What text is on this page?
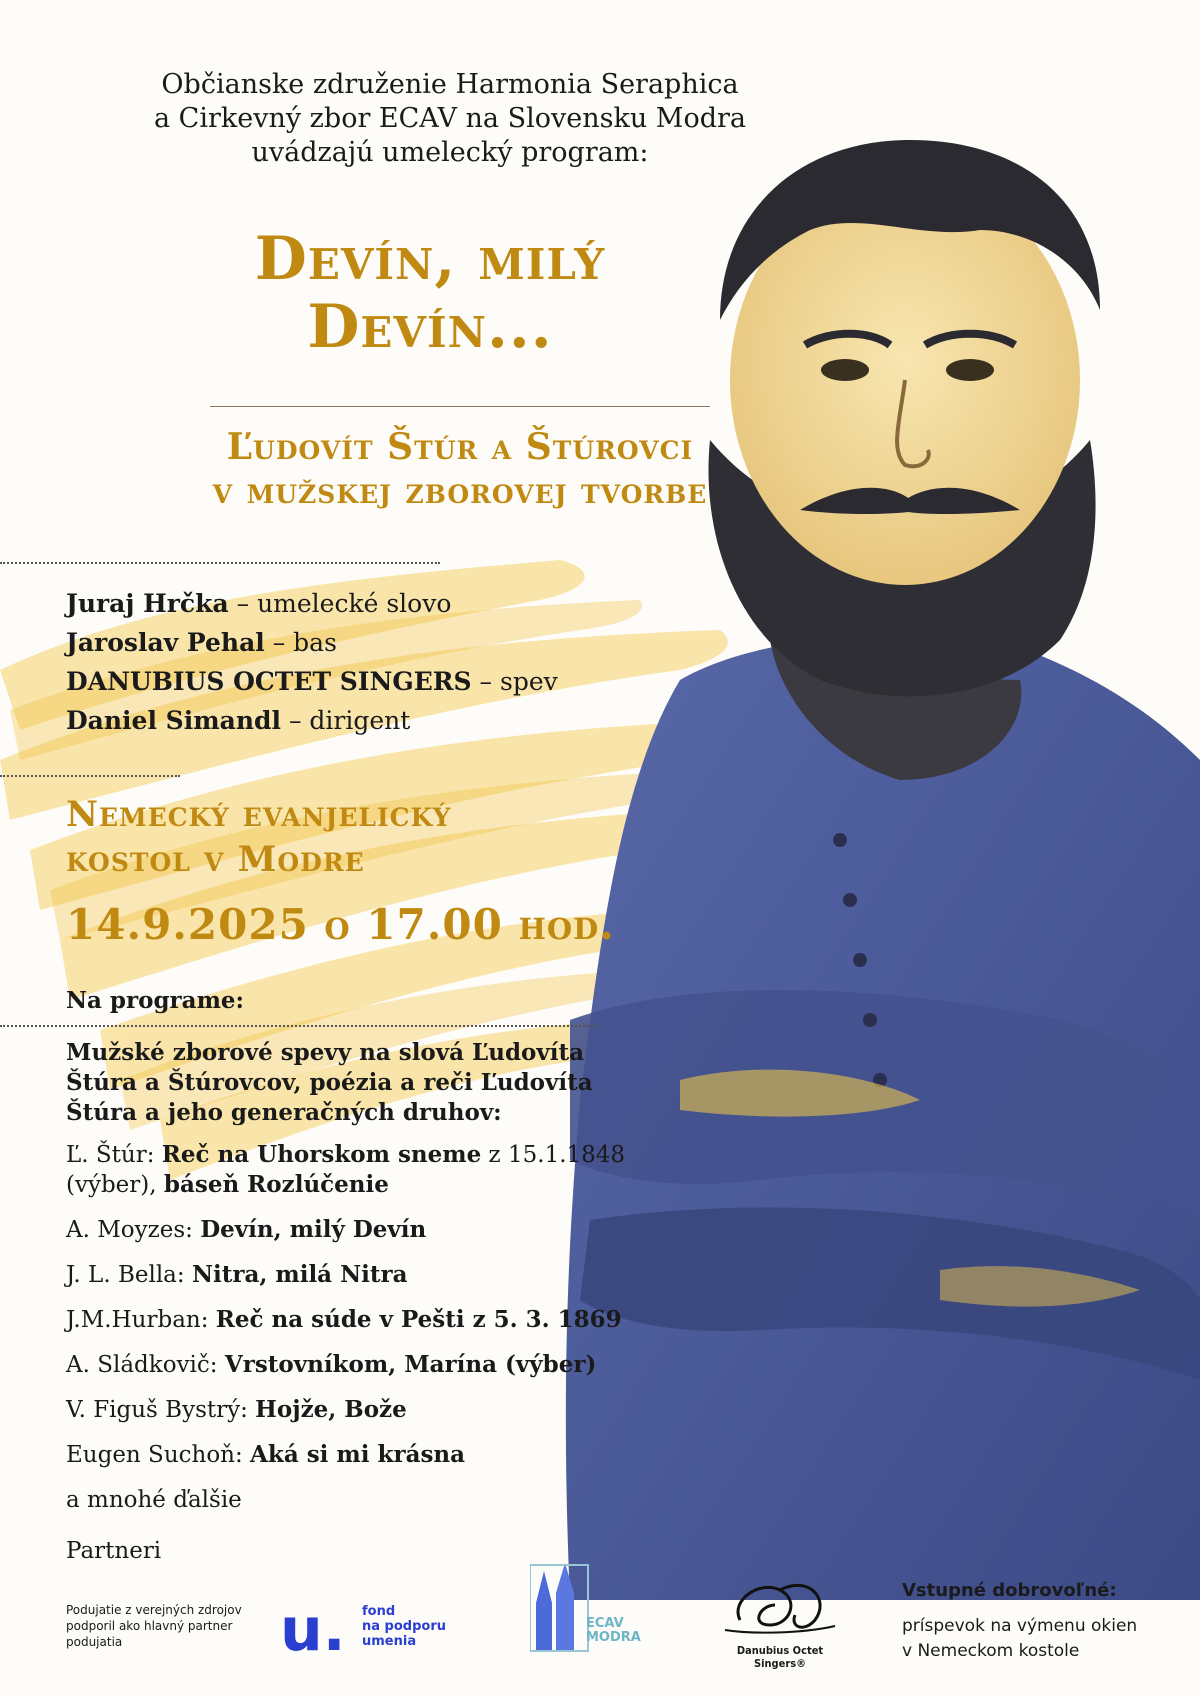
Občianske združenie Harmonia Seraphica
a Cirkevný zbor ECAV na Slovensku Modra
uvádzajú umelecký program:
Devín, milý
Devín...
Ľudovít Štúr a Štúrovci
v mužskej zborovej tvorbe
Juraj Hrčka – umelecké slovo
Jaroslav Pehal – bas
DANUBIUS OCTET SINGERS – spev
Daniel Simandl – dirigent
Nemecký evanjelický
kostol v Modre
14.9.2025 o 17.00 hod.
Na programe:
Mužské zborové spevy na slová Ľudovíta Štúra a Štúrovcov, poézia a reči Ľudovíta Štúra a jeho generačných druhov:
Ľ. Štúr: Reč na Uhorskom sneme z 15.1.1848 (výber), báseň Rozlúčenie
A. Moyzes: Devín, milý Devín
J. L. Bella: Nitra, milá Nitra
J.M.Hurban: Reč na súde v Pešti z 5. 3. 1869
A. Sládkovič: Vrstovníkom, Marína (výber)
V. Figuš Bystrý: Hojže, Bože
Eugen Suchoň: Aká si mi krásna
a mnohé ďalšie
Partneri
Podujatie z verejných zdrojov podporil ako hlavný partner podujatia	u. fond
na podporu
umenia
ECAV
MODRA
Danubius Octet Singers®
Vstupné dobrovoľné:
príspevok na výmenu okien
v Nemeckom kostole
